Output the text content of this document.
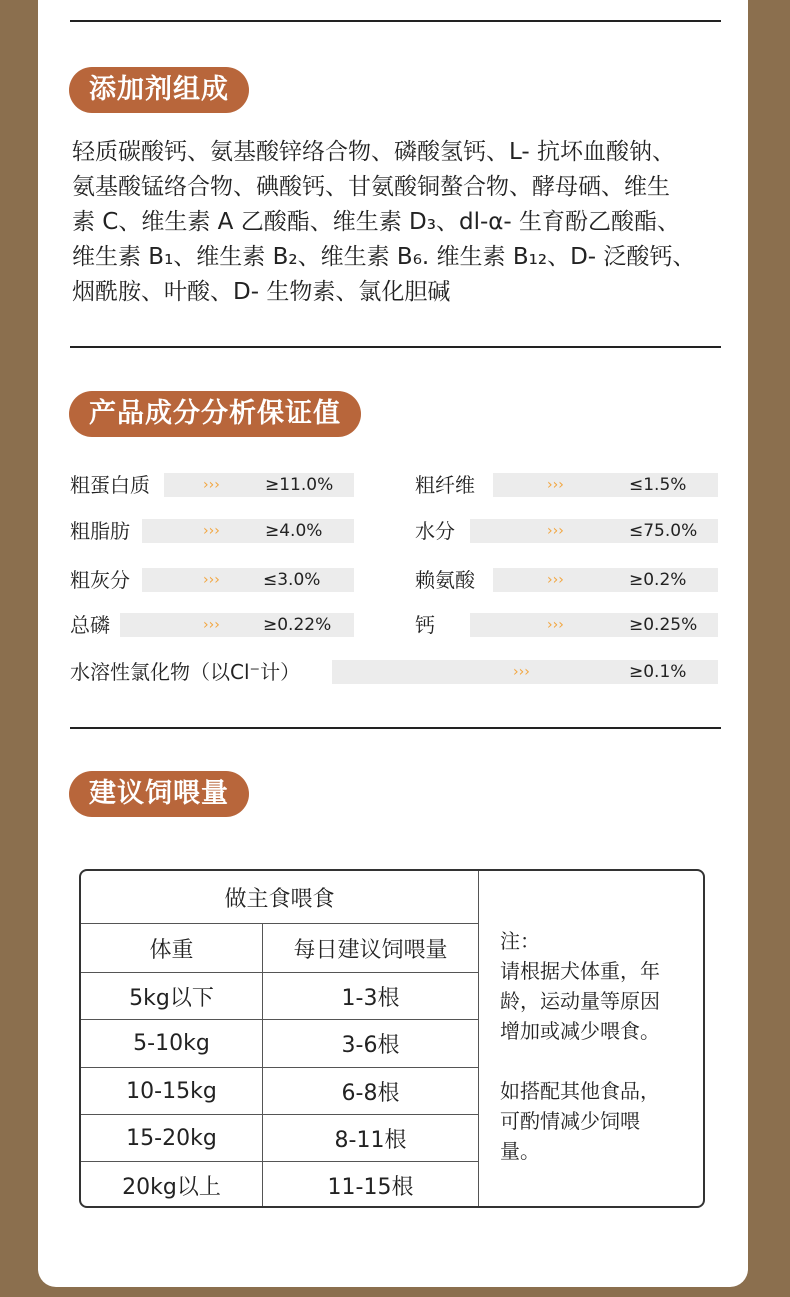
添加剂组成
轻质碳酸钙、氨基酸锌络合物、磷酸氢钙、L- 抗坏血酸钠、
氨基酸锰络合物、碘酸钙、甘氨酸铜螯合物、酵母硒、维生
素 C、维生素 A 乙酸酯、维生素 D₃、dl-α- 生育酚乙酸酯、
维生素 B₁、维生素 B₂、维生素 B₆. 维生素 B₁₂、D- 泛酸钙、
烟酰胺、叶酸、D- 生物素、氯化胆碱
产品成分分析保证值
粗蛋白质	›››	≥11.0%	粗纤维	›››	≤1.5%
粗脂肪	›››	≥4.0%	水分	›››	≤75.0%
粗灰分	›››	≤3.0%	赖氨酸	›››	≥0.2%
总磷	›››	≥0.22%	钙	›››	≥0.25%
水溶性氯化物（以Cl⁻计）	›››	≥0.1%
建议饲喂量
做主食喂食
体重	每日建议饲喂量
5kg以下	1-3根
5-10kg	3-6根
10-15kg	6-8根
15-20kg	8-11根
20kg以上	11-15根
注：
请根据犬体重，年
龄，运动量等原因
增加或减少喂食。
如搭配其他食品，
可酌情减少饲喂
量。
